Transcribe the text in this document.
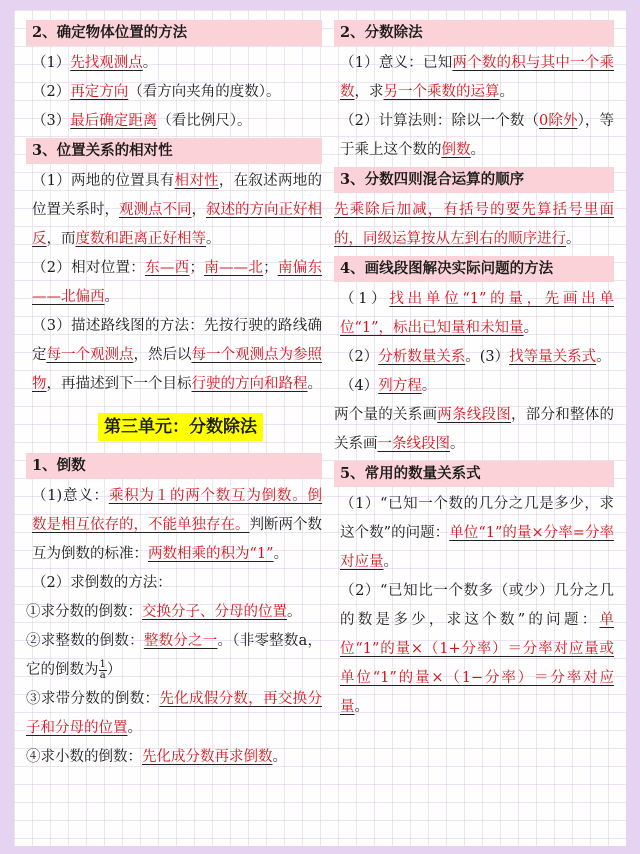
2、确定物体位置的方法

（1）先找观测点。

（2）再定方向（看方向夹角的度数）。

（3）最后确定距离（看比例尺）。

3、位置关系的相对性

（1）两地的位置具有相对性，在叙述两地的位置关系时，观测点不同，叙述的方向正好相反，而度数和距离正好相等。

（2）相对位置：东—西；南——北；南偏东——北偏西。

（3）描述路线图的方法：先按行驶的路线确定每一个观测点，然后以每一个观测点为参照物，再描述到下一个目标行驶的方向和路程。

第三单元：分数除法
1、倒数

（1)意义：乘积为１的两个数互为倒数。倒数是相互依存的，不能单独存在。判断两个数互为倒数的标准：两数相乘的积为“1”。

（2）求倒数的方法：

①求分数的倒数：交换分子、分母的位置。

②求整数的倒数：整数分之一。（非零整数a，它的倒数为 $\frac{1}{a}$ ）

③求带分数的倒数：先化成假分数，再交换分子和分母的位置。

④求小数的倒数：先化成分数再求倒数。

2、分数除法

（1）意义：已知两个数的积与其中一个乘数，求另一个乘数的运算。

（2）计算法则：除以一个数（0除外），等于乘上这个数的倒数。

3、分数四则混合运算的顺序

先乘除后加减，有括号的要先算括号里面的，同级运算按从左到右的顺序进行。

4、画线段图解决实际问题的方法

（1）找出单位“1”的量，先画出单位“1”，标出已知量和未知量。

（2）分析数量关系。(3）找等量关系式。

（4）列方程。

两个量的关系画两条线段图，部分和整体的关系画一条线段图。

5、常用的数量关系式

（1）“已知一个数的几分之几是多少，求这个数”的问题：单位“1”的量×分率=分率对应量。

（2）“已知比一个数多（或少）几分之几的数是多少，求这个数”的问题：单位“1”的量×（1+分率）＝分率对应量或单位“1”的量×（1−分率）＝分率对应量。
